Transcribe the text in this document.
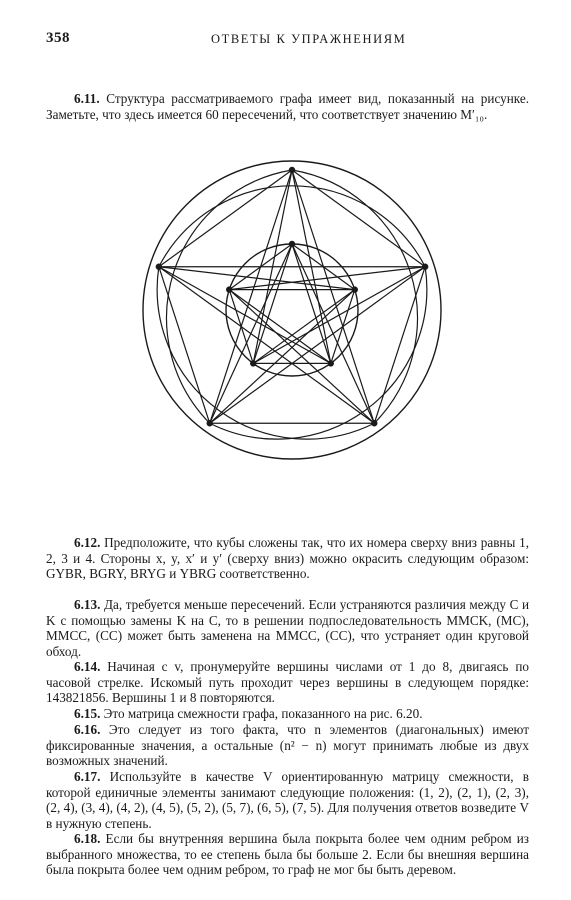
358	ОТВЕТЫ К УПРАЖНЕНИЯМ

6.11. Структура рассматриваемого графа имеет вид, показанный на рисунке. Заметьте, что здесь имеется 60 пересечений, что соответствует значению M′₁₀.

6.12. Предположите, что кубы сложены так, что их номера сверху вниз равны 1, 2, 3 и 4. Стороны x, y, x′ и y′ (сверху вниз) можно окрасить следующим образом: GYBR, BGRY, BRYG и YBRG соответственно.

6.13. Да, требуется меньше пересечений. Если устраняются различия между C и K с помощью замены K на C, то в решении подпоследовательность MMCK, (MC), MMCC, (CC) может быть заменена на MMCC, (CC), что устраняет один круговой обход.

6.14. Начиная с v, пронумеруйте вершины числами от 1 до 8, двигаясь по часовой стрелке. Искомый путь проходит через вершины в следующем порядке: 143821856. Вершины 1 и 8 повторяются.

6.15. Это матрица смежности графа, показанного на рис. 6.20.

6.16. Это следует из того факта, что n элементов (диагональных) имеют фиксированные значения, а остальные (n² − n) могут принимать любые из двух возможных значений.

6.17. Используйте в качестве V ориентированную матрицу смежности, в которой единичные элементы занимают следующие положения: (1, 2), (2, 1), (2, 3), (2, 4), (3, 4), (4, 2), (4, 5), (5, 2), (5, 7), (6, 5), (7, 5). Для получения ответов возведите V в нужную степень.

6.18. Если бы внутренняя вершина была покрыта более чем одним ребром из выбранного множества, то ее степень была бы больше 2. Если бы внешняя вершина была покрыта более чем одним ребром, то граф не мог бы быть деревом.
